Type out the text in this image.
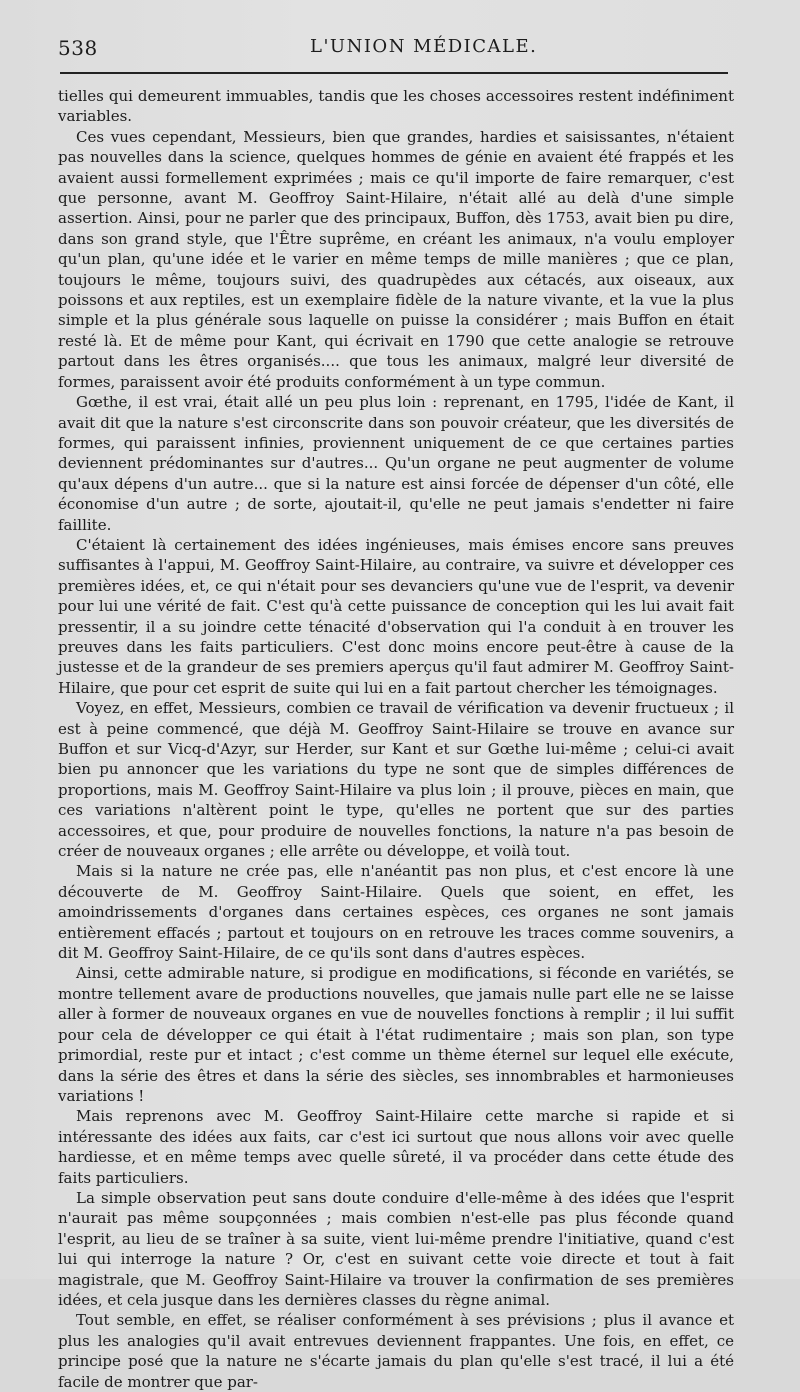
538	L'UNION MÉDICALE.

tielles qui demeurent immuables, tandis que les choses accessoires restent indéfiniment variables.

Ces vues cependant, Messieurs, bien que grandes, hardies et saisissantes, n'étaient pas nouvelles dans la science, quelques hommes de génie en avaient été frappés et les avaient aussi formellement exprimées ; mais ce qu'il importe de faire remarquer, c'est que personne, avant M. Geoffroy Saint-Hilaire, n'était allé au delà d'une simple assertion. Ainsi, pour ne parler que des principaux, Buffon, dès 1753, avait bien pu dire, dans son grand style, que l'Être suprême, en créant les animaux, n'a voulu employer qu'un plan, qu'une idée et le varier en même temps de mille manières ; que ce plan, toujours le même, toujours suivi, des quadrupèdes aux cétacés, aux oiseaux, aux poissons et aux reptiles, est un exemplaire fidèle de la nature vivante, et la vue la plus simple et la plus générale sous laquelle on puisse la considérer ; mais Buffon en était resté là. Et de même pour Kant, qui écrivait en 1790 que cette analogie se retrouve partout dans les êtres organisés.... que tous les animaux, malgré leur diversité de formes, paraissent avoir été produits conformément à un type commun.

Gœthe, il est vrai, était allé un peu plus loin : reprenant, en 1795, l'idée de Kant, il avait dit que la nature s'est circonscrite dans son pouvoir créateur, que les diversités de formes, qui paraissent infinies, proviennent uniquement de ce que certaines parties deviennent prédominantes sur d'autres... Qu'un organe ne peut augmenter de volume qu'aux dépens d'un autre... que si la nature est ainsi forcée de dépenser d'un côté, elle économise d'un autre ; de sorte, ajoutait-il, qu'elle ne peut jamais s'endetter ni faire faillite.

C'étaient là certainement des idées ingénieuses, mais émises encore sans preuves suffisantes à l'appui, M. Geoffroy Saint-Hilaire, au contraire, va suivre et développer ces premières idées, et, ce qui n'était pour ses devanciers qu'une vue de l'esprit, va devenir pour lui une vérité de fait. C'est qu'à cette puissance de conception qui les lui avait fait pressentir, il a su joindre cette ténacité d'observation qui l'a conduit à en trouver les preuves dans les faits particuliers. C'est donc moins encore peut-être à cause de la justesse et de la grandeur de ses premiers aperçus qu'il faut admirer M. Geoffroy Saint-Hilaire, que pour cet esprit de suite qui lui en a fait partout chercher les témoignages.

Voyez, en effet, Messieurs, combien ce travail de vérification va devenir fructueux ; il est à peine commencé, que déjà M. Geoffroy Saint-Hilaire se trouve en avance sur Buffon et sur Vicq-d'Azyr, sur Herder, sur Kant et sur Gœthe lui-même ; celui-ci avait bien pu annoncer que les variations du type ne sont que de simples différences de proportions, mais M. Geoffroy Saint-Hilaire va plus loin ; il prouve, pièces en main, que ces variations n'altèrent point le type, qu'elles ne portent que sur des parties accessoires, et que, pour produire de nouvelles fonctions, la nature n'a pas besoin de créer de nouveaux organes ; elle arrête ou développe, et voilà tout.

Mais si la nature ne crée pas, elle n'anéantit pas non plus, et c'est encore là une découverte de M. Geoffroy Saint-Hilaire. Quels que soient, en effet, les amoindrissements d'organes dans certaines espèces, ces organes ne sont jamais entièrement effacés ; partout et toujours on en retrouve les traces comme souvenirs, a dit M. Geoffroy Saint-Hilaire, de ce qu'ils sont dans d'autres espèces.

Ainsi, cette admirable nature, si prodigue en modifications, si féconde en variétés, se montre tellement avare de productions nouvelles, que jamais nulle part elle ne se laisse aller à former de nouveaux organes en vue de nouvelles fonctions à remplir ; il lui suffit pour cela de développer ce qui était à l'état rudimentaire ; mais son plan, son type primordial, reste pur et intact ; c'est comme un thème éternel sur lequel elle exécute, dans la série des êtres et dans la série des siècles, ses innombrables et harmonieuses variations !

Mais reprenons avec M. Geoffroy Saint-Hilaire cette marche si rapide et si intéressante des idées aux faits, car c'est ici surtout que nous allons voir avec quelle hardiesse, et en même temps avec quelle sûreté, il va procéder dans cette étude des faits particuliers.

La simple observation peut sans doute conduire d'elle-même à des idées que l'esprit n'aurait pas même soupçonnées ; mais combien n'est-elle pas plus féconde quand l'esprit, au lieu de se traîner à sa suite, vient lui-même prendre l'initiative, quand c'est lui qui interroge la nature ? Or, c'est en suivant cette voie directe et tout à fait magistrale, que M. Geoffroy Saint-Hilaire va trouver la confirmation de ses premières idées, et cela jusque dans les dernières classes du règne animal.

Tout semble, en effet, se réaliser conformément à ses prévisions ; plus il avance et plus les analogies qu'il avait entrevues deviennent frappantes. Une fois, en effet, ce principe posé que la nature ne s'écarte jamais du plan qu'elle s'est tracé, il lui a été facile de montrer que par-
